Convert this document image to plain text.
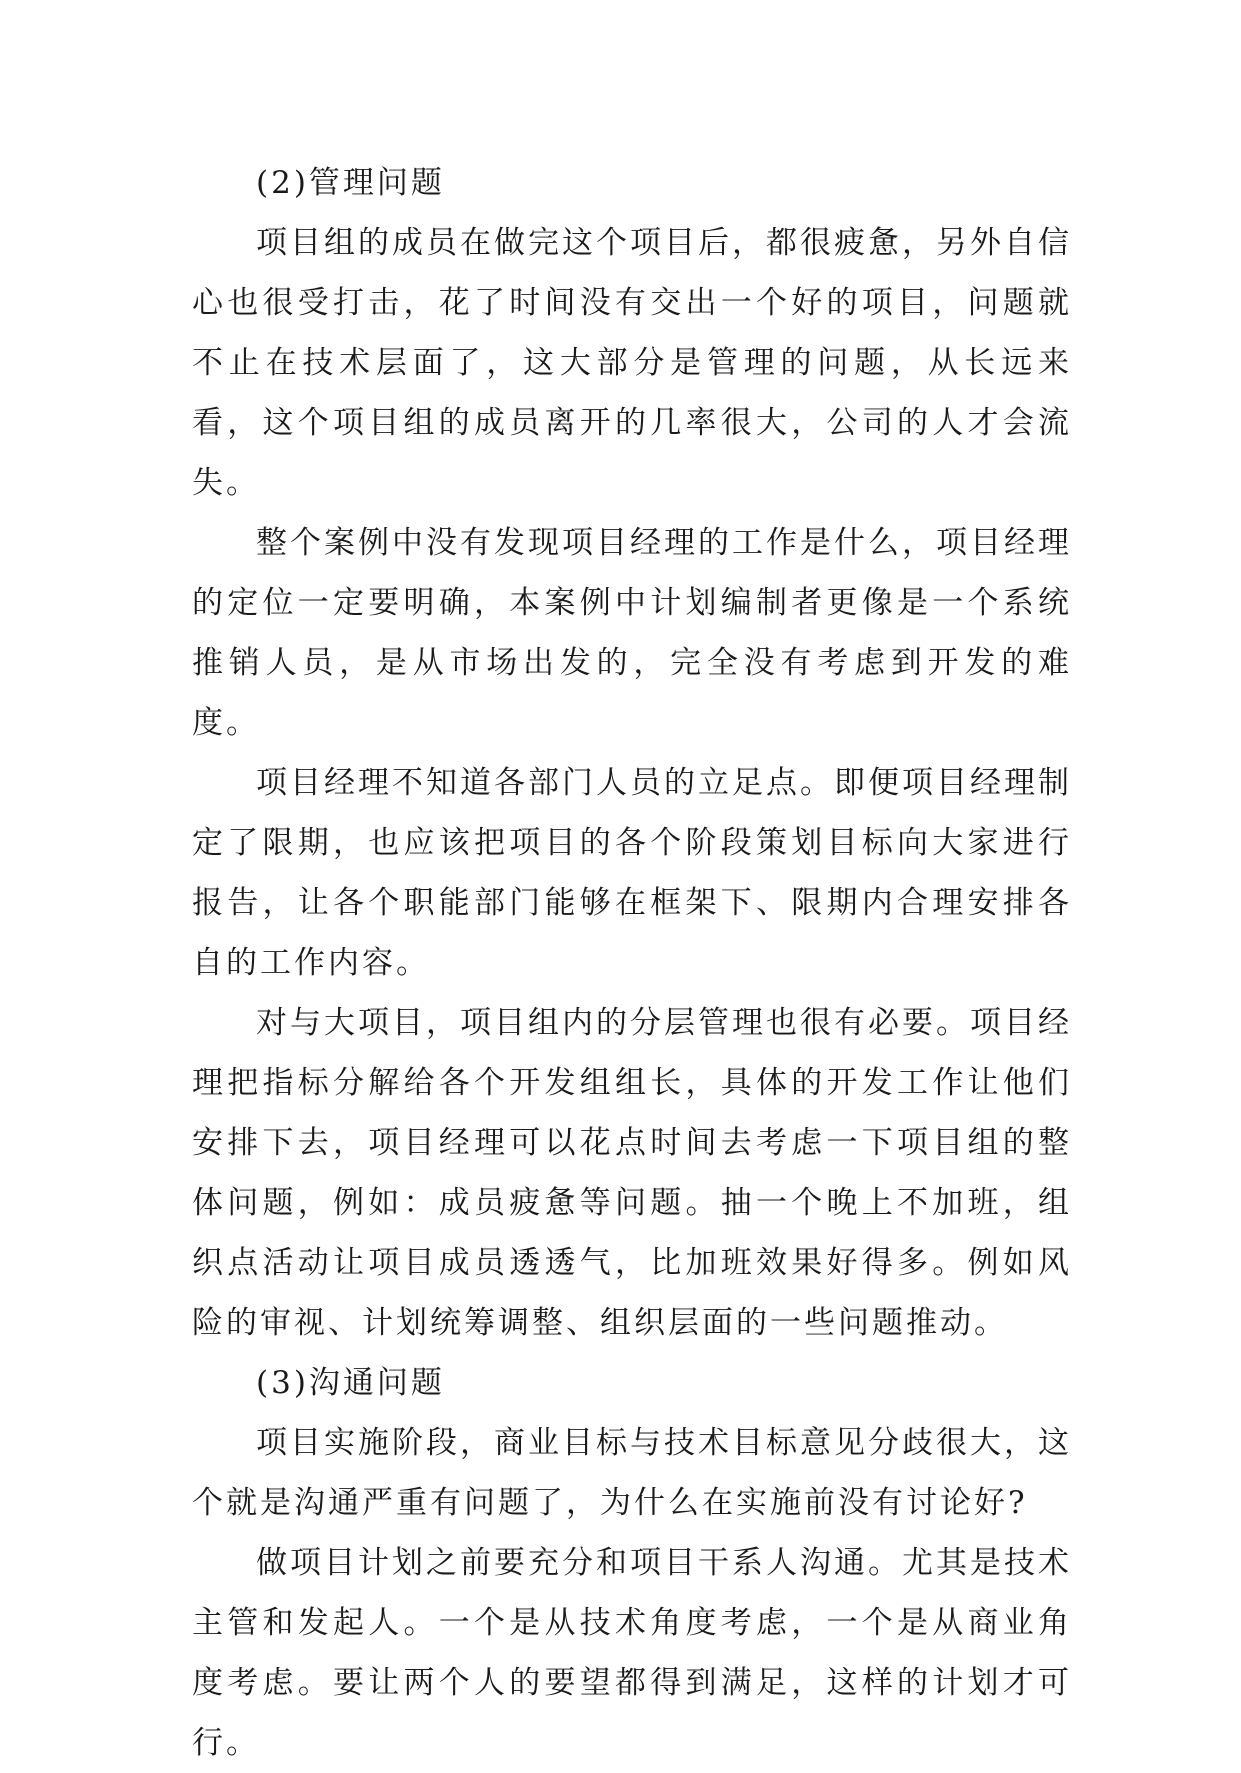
(2)管理问题

项目组的成员在做完这个项目后，都很疲惫，另外自信心也很受打击，花了时间没有交出一个好的项目，问题就不止在技术层面了，这大部分是管理的问题，从长远来看，这个项目组的成员离开的几率很大，公司的人才会流失。

整个案例中没有发现项目经理的工作是什么，项目经理的定位一定要明确，本案例中计划编制者更像是一个系统推销人员，是从市场出发的，完全没有考虑到开发的难度。

项目经理不知道各部门人员的立足点。即便项目经理制定了限期，也应该把项目的各个阶段策划目标向大家进行报告，让各个职能部门能够在框架下、限期内合理安排各自的工作内容。

对与大项目，项目组内的分层管理也很有必要。项目经理把指标分解给各个开发组组长，具体的开发工作让他们安排下去，项目经理可以花点时间去考虑一下项目组的整体问题，例如：成员疲惫等问题。抽一个晚上不加班，组织点活动让项目成员透透气，比加班效果好得多。例如风险的审视、计划统筹调整、组织层面的一些问题推动。

(3)沟通问题

项目实施阶段，商业目标与技术目标意见分歧很大，这个就是沟通严重有问题了，为什么在实施前没有讨论好?

做项目计划之前要充分和项目干系人沟通。尤其是技术主管和发起人。一个是从技术角度考虑，一个是从商业角度考虑。要让两个人的要望都得到满足，这样的计划才可行。
